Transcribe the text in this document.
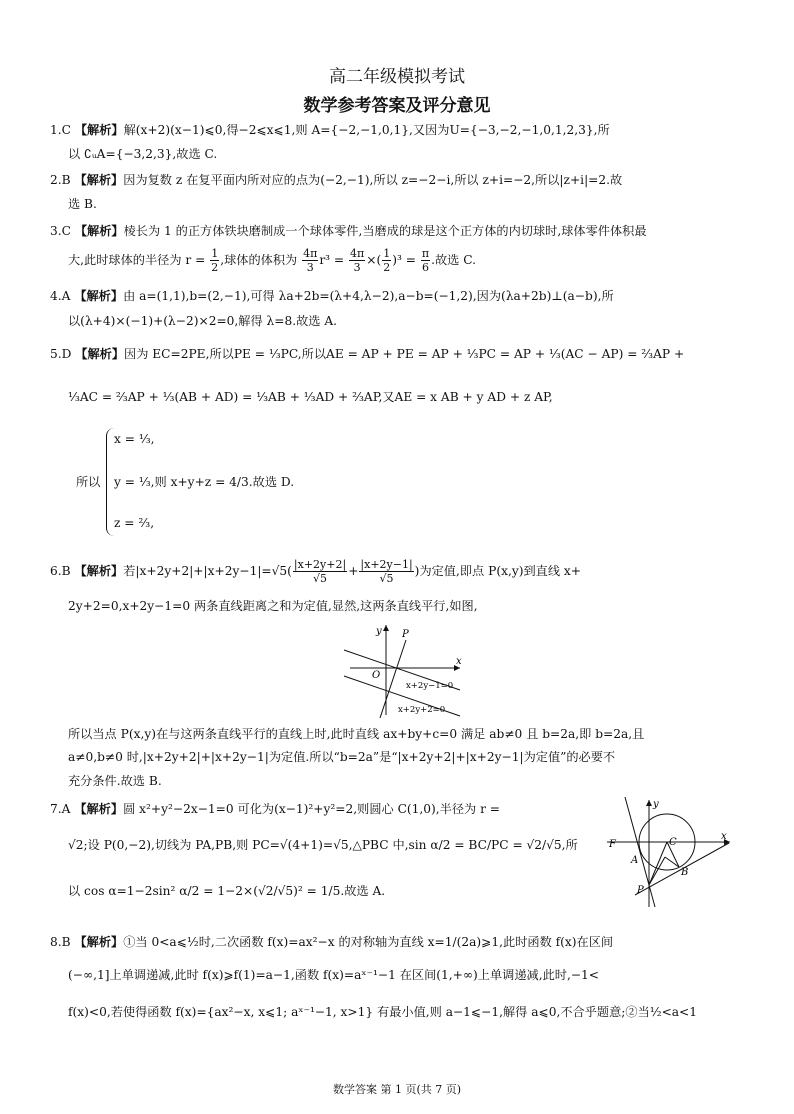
高二年级模拟考试
数学参考答案及评分意见
1.C 【解析】解(x+2)(x−1)⩽0,得−2⩽x⩽1,则 A={−2,−1,0,1},又因为U={−3,−2,−1,0,1,2,3},所
以 ∁ᵤA={−3,2,3},故选 C.
2.B 【解析】因为复数 z 在复平面内所对应的点为(−2,−1),所以 z=−2−i,所以 z+i=−2,所以|z+i|=2.故
选 B.
3.C 【解析】棱长为 1 的正方体铁块磨制成一个球体零件,当磨成的球是这个正方体的内切球时,球体零件体积最
大,此时球体的半径为 $r = \frac{1}{2}$ ,球体的体积为 $\frac{4\pi}{3} r^3 = \frac{4\pi}{3}$ ×( $\frac{1}{2} )^3 = \frac{\pi}{6}$ .故选 C.
4.A 【解析】由 a=(1,1),b=(2,−1),可得 λa+2b=(λ+4,λ−2),a−b=(−1,2),因为(λa+2b)⊥(a−b),所
以(λ+4)×(−1)+(λ−2)×2=0,解得 λ=8.故选 A.
5.D 【解析】因为 EC=2PE,所以PE = ⅓PC,所以AE = AP + PE = AP + ⅓PC = AP + ⅓(AC − AP) = ⅔AP +
⅓AC = ⅔AP + ⅓(AB + AD) = ⅓AB + ⅓AD + ⅔AP,又AE = x AB + y AD + z AP,
所以
x = ⅓,
y = ⅓,则 x+y+z = 4/3.故选 D.
z = ⅔,
6.B 【解析】若$|x+2y+2|+|x+2y-1|=√5( \frac{|x+2y+2|}{√5} + \frac{|x+2y-1|}{√5}$ )为定值,即点 P(x,y)到直线 x+
2y+2=0,x+2y−1=0 两条直线距离之和为定值,显然,这两条直线平行,如图,
y
x
O
P
x+2y−1=0
x+2y+2=0
所以当点 P(x,y)在与这两条直线平行的直线上时,此时直线 ax+by+c=0 满足 ab≠0 且 b=2a,即 b=2a,且
a≠0,b≠0 时,|x+2y+2|+|x+2y−1|为定值.所以“b=2a”是“|x+2y+2|+|x+2y−1|为定值”的必要不
充分条件.故选 B.
7.A 【解析】圆 x²+y²−2x−1=0 可化为(x−1)²+y²=2,则圆心 C(1,0),半径为 r =
√2;设 P(0,−2),切线为 PA,PB,则 PC=√(4+1)=√5,△PBC 中,sin α/2 = BC/PC = √2/√5,所
以 cos α=1−2sin² α/2 = 1−2×(√2/√5)² = 1/5.故选 A.
y
x
F
A
C
B
P
8.B 【解析】①当 0<a⩽½时,二次函数 f(x)=ax²−x 的对称轴为直线 x=1/(2a)⩾1,此时函数 f(x)在区间
(−∞,1]上单调递减,此时 f(x)⩾f(1)=a−1,函数 f(x)=aˣ⁻¹−1 在区间(1,+∞)上单调递减,此时,−1<
f(x)<0,若使得函数 f(x)={ax²−x, x⩽1; aˣ⁻¹−1, x>1} 有最小值,则 a−1⩽−1,解得 a⩽0,不合乎题意;②当½<a<1
数学答案 第 1 页(共 7 页)
